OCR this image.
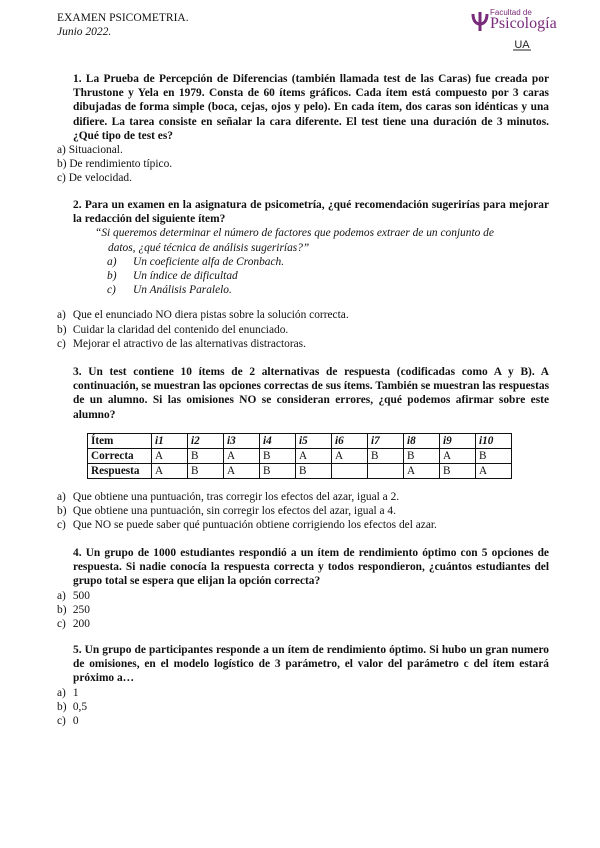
EXAMEN PSICOMETRIA.
Junio 2022.
Facultad de
Psicología
UA

1. La Prueba de Percepción de Diferencias (también llamada test de las Caras) fue creada por Thrustone y Yela en 1979. Consta de 60 ítems gráficos. Cada ítem está compuesto por 3 caras dibujadas de forma simple (boca, cejas, ojos y pelo). En cada ítem, dos caras son idénticas y una difiere. La tarea consiste en señalar la cara diferente. El test tiene una duración de 3 minutos. ¿Qué tipo de test es?

a) Situacional.
b) De rendimiento típico.
c) De velocidad.

2. Para un examen en la asignatura de psicometría, ¿qué recomendación sugerirías para mejorar la redacción del siguiente ítem?

“Si queremos determinar el número de factores que podemos extraer de un conjunto de
datos, ¿qué técnica de análisis sugerirías?”
a) Un coeficiente alfa de Cronbach.
b) Un índice de dificultad
c) Un Análisis Paralelo.
a) Que el enunciado NO diera pistas sobre la solución correcta.
b) Cuidar la claridad del contenido del enunciado.
c) Mejorar el atractivo de las alternativas distractoras.

3. Un test contiene 10 ítems de 2 alternativas de respuesta (codificadas como A y B). A continuación, se muestran las opciones correctas de sus ítems. También se muestran las respuestas de un alumno. Si las omisiones NO se consideran errores, ¿qué podemos afirmar sobre este alumno?

Ítem	i1	i2	i3	i4	i5	i6	i7	i8	i9	i10
Correcta	A	B	A	B	A	A	B	B	A	B
Respuesta	A	B	A	B	B			A	B	A
a) Que obtiene una puntuación, tras corregir los efectos del azar, igual a 2.
b) Que obtiene una puntuación, sin corregir los efectos del azar, igual a 4.
c) Que NO se puede saber qué puntuación obtiene corrigiendo los efectos del azar.

4. Un grupo de 1000 estudiantes respondió a un ítem de rendimiento óptimo con 5 opciones de respuesta. Si nadie conocía la respuesta correcta y todos respondieron, ¿cuántos estudiantes del grupo total se espera que elijan la opción correcta?

a) 500
b) 250
c) 200

5. Un grupo de participantes responde a un ítem de rendimiento óptimo. Si hubo un gran numero de omisiones, en el modelo logístico de 3 parámetro, el valor del parámetro c del ítem estará próximo a…

a) 1
b) 0,5
c) 0
